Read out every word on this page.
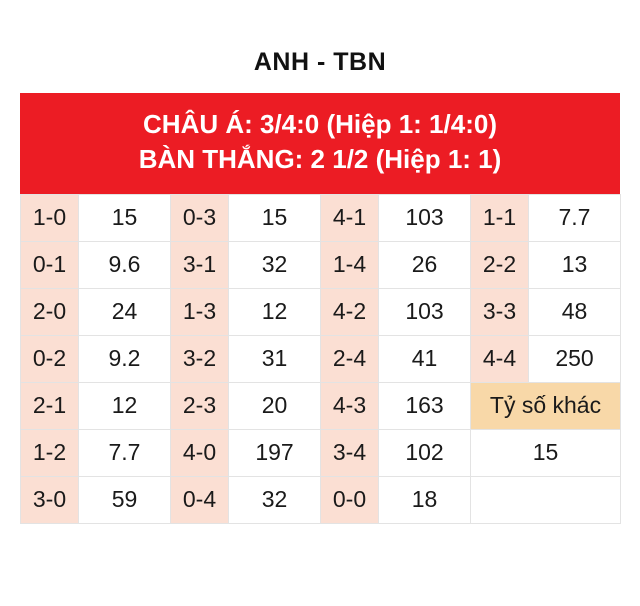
ANH - TBN
CHÂU Á: 3/4:0 (Hiệp 1: 1/4:0)
BÀN THẮNG: 2 1/2 (Hiệp 1: 1)
1-0	15	0-3	15	4-1	103	1-1	7.7
0-1	9.6	3-1	32	1-4	26	2-2	13
2-0	24	1-3	12	4-2	103	3-3	48
0-2	9.2	3-2	31	2-4	41	4-4	250
2-1	12	2-3	20	4-3	163	Tỷ số khác	
1-2	7.7	4-0	197	3-4	102	15	
3-0	59	0-4	32	0-0	18		
